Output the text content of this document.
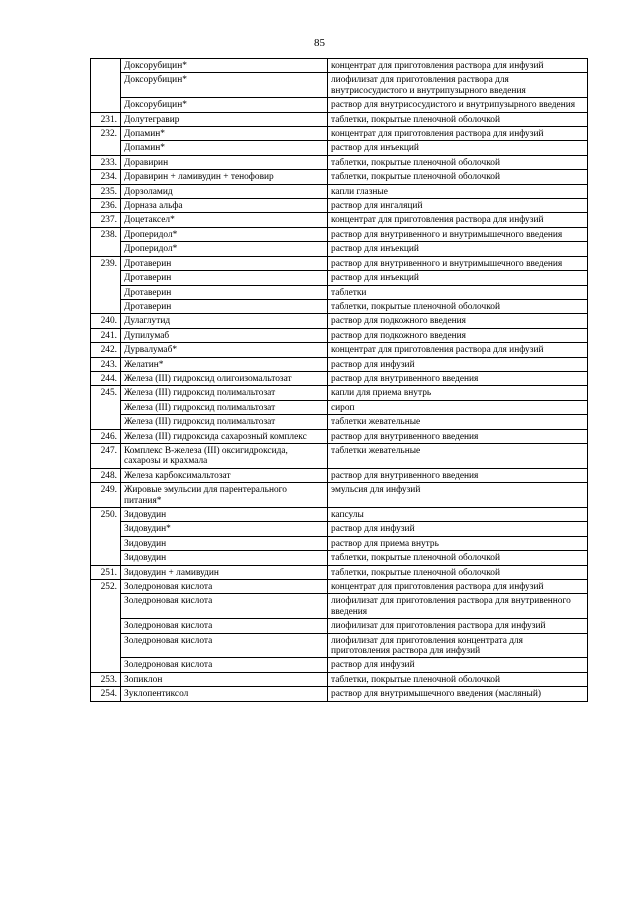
85
	Доксорубицин*	концентрат для приготовления раствора для инфузий
	Доксорубицин*	лиофилизат для приготовления раствора для внутрисосудистого и внутрипузырного введения
	Доксорубицин*	раствор для внутрисосудистого и внутрипузырного введения
231.	Долутегравир	таблетки, покрытые пленочной оболочкой
232.	Допамин*	концентрат для приготовления раствора для инфузий
	Допамин*	раствор для инъекций
233.	Доравирин	таблетки, покрытые пленочной оболочкой
234.	Доравирин + ламивудин + тенофовир	таблетки, покрытые пленочной оболочкой
235.	Дорзоламид	капли глазные
236.	Дорназа альфа	раствор для ингаляций
237.	Доцетаксел*	концентрат для приготовления раствора для инфузий
238.	Дроперидол*	раствор для внутривенного и внутримышечного введения
	Дроперидол*	раствор для инъекций
239.	Дротаверин	раствор для внутривенного и внутримышечного введения
	Дротаверин	раствор для инъекций
	Дротаверин	таблетки
	Дротаверин	таблетки, покрытые пленочной оболочкой
240.	Дулаглутид	раствор для подкожного введения
241.	Дупилумаб	раствор для подкожного введения
242.	Дурвалумаб*	концентрат для приготовления раствора для инфузий
243.	Желатин*	раствор для инфузий
244.	Железа (III) гидроксид олигоизомальтозат	раствор для внутривенного введения
245.	Железа (III) гидроксид полимальтозат	капли для приема внутрь
	Железа (III) гидроксид полимальтозат	сироп
	Железа (III) гидроксид полимальтозат	таблетки жевательные
246.	Железа (III) гидроксида сахарозный комплекс	раствор для внутривенного введения
247.	Комплекс В-железа (III) оксигидроксида, сахарозы и крахмала	таблетки жевательные
248.	Железа карбоксимальтозат	раствор для внутривенного введения
249.	Жировые эмульсии для парентерального питания*	эмульсия для инфузий
250.	Зидовудин	капсулы
	Зидовудин*	раствор для инфузий
	Зидовудин	раствор для приема внутрь
	Зидовудин	таблетки, покрытые пленочной оболочкой
251.	Зидовудин + ламивудин	таблетки, покрытые пленочной оболочкой
252.	Золедроновая кислота	концентрат для приготовления раствора для инфузий
	Золедроновая кислота	лиофилизат для приготовления раствора для внутривенного введения
	Золедроновая кислота	лиофилизат для приготовления раствора для инфузий
	Золедроновая кислота	лиофилизат для приготовления концентрата для приготовления раствора для инфузий
	Золедроновая кислота	раствор для инфузий
253.	Зопиклон	таблетки, покрытые пленочной оболочкой
254.	Зуклопентиксол	раствор для внутримышечного введения (масляный)
